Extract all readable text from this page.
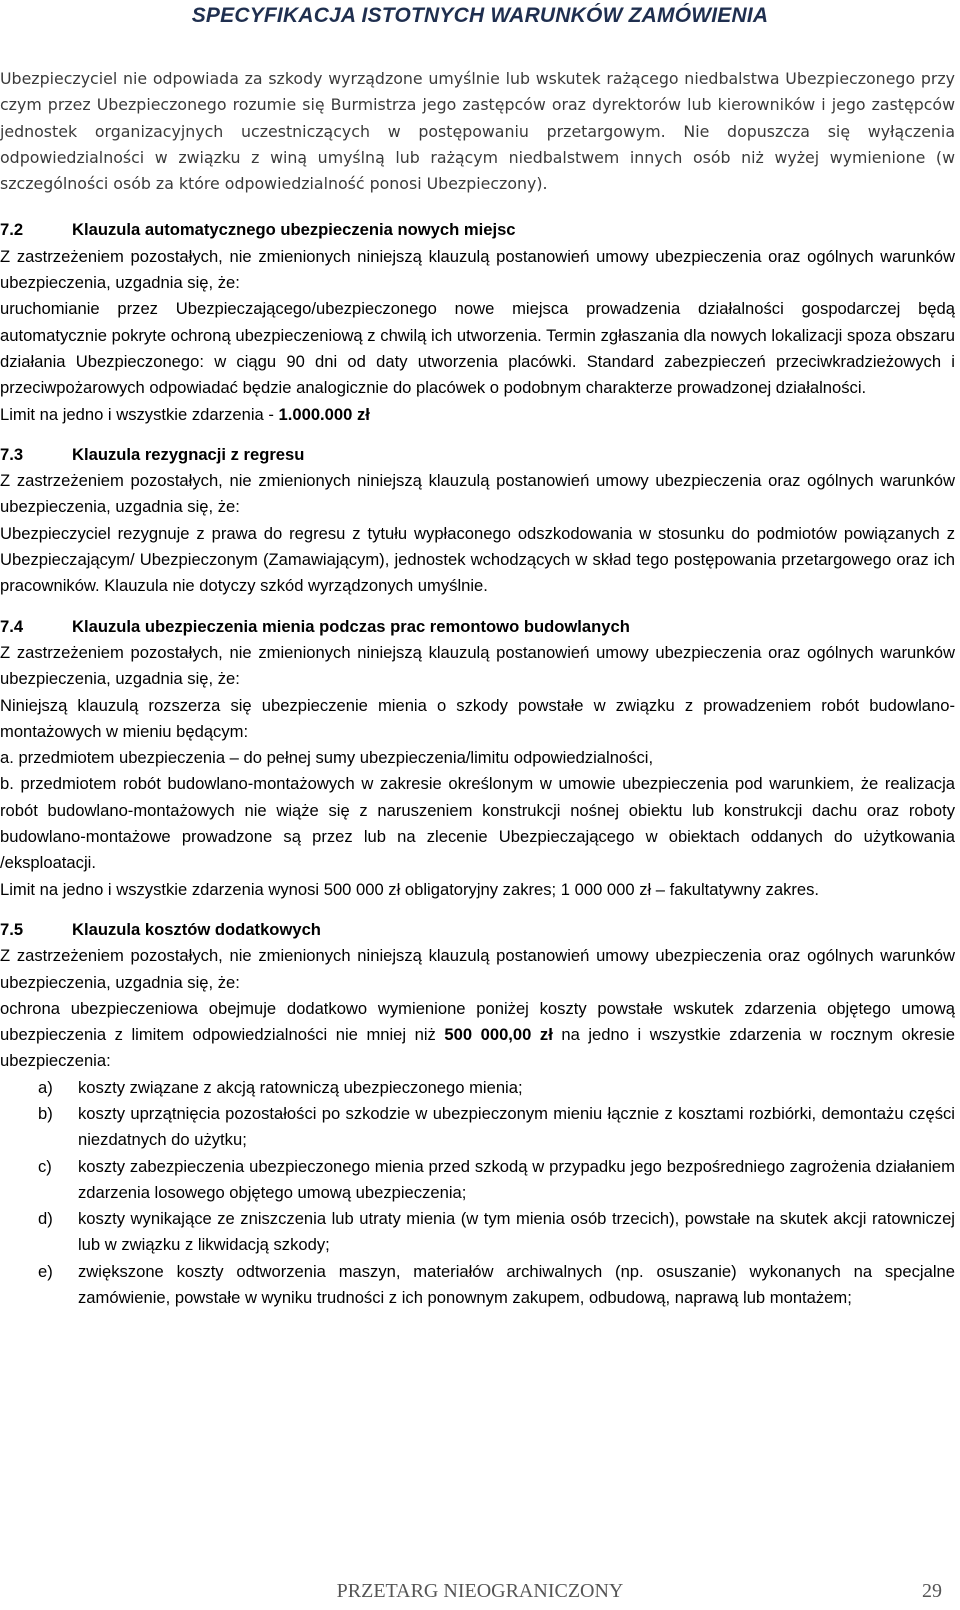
SPECYFIKACJA ISTOTNYCH WARUNKÓW ZAMÓWIENIA

Ubezpieczyciel nie odpowiada za szkody wyrządzone umyślnie lub wskutek rażącego niedbalstwa Ubezpieczonego przy czym przez Ubezpieczonego rozumie się Burmistrza jego zastępców oraz dyrektorów lub kierowników i jego zastępców jednostek organizacyjnych uczestniczących w postępowaniu przetargowym. Nie dopuszcza się wyłączenia odpowiedzialności w związku z winą umyślną lub rażącym niedbalstwem innych osób niż wyżej wymienione (w szczególności osób za które odpowiedzialność ponosi Ubezpieczony).

7.2	Klauzula automatycznego ubezpieczenia nowych miejsc

Z zastrzeżeniem pozostałych, nie zmienionych niniejszą klauzulą postanowień umowy ubezpieczenia oraz ogólnych warunków ubezpieczenia, uzgadnia się, że:

uruchomianie przez Ubezpieczającego/ubezpieczonego nowe miejsca prowadzenia działalności gospodarczej będą automatycznie pokryte ochroną ubezpieczeniową z chwilą ich utworzenia. Termin zgłaszania dla nowych lokalizacji spoza obszaru działania Ubezpieczonego: w ciągu 90 dni od daty utworzenia placówki. Standard zabezpieczeń przeciwkradzieżowych i przeciwpożarowych odpowiadać będzie analogicznie do placówek o podobnym charakterze prowadzonej działalności.

Limit na jedno i wszystkie zdarzenia - 1.000.000 zł

7.3	Klauzula rezygnacji z regresu

Z zastrzeżeniem pozostałych, nie zmienionych niniejszą klauzulą postanowień umowy ubezpieczenia oraz ogólnych warunków ubezpieczenia, uzgadnia się, że:

Ubezpieczyciel rezygnuje z prawa do regresu z tytułu wypłaconego odszkodowania w stosunku do podmiotów powiązanych z Ubezpieczającym/ Ubezpieczonym (Zamawiającym), jednostek wchodzących w skład tego postępowania przetargowego oraz ich pracowników. Klauzula nie dotyczy szkód wyrządzonych umyślnie.

7.4	Klauzula ubezpieczenia mienia podczas prac remontowo budowlanych

Z zastrzeżeniem pozostałych, nie zmienionych niniejszą klauzulą postanowień umowy ubezpieczenia oraz ogólnych warunków ubezpieczenia, uzgadnia się, że:

Niniejszą klauzulą rozszerza się ubezpieczenie mienia o szkody powstałe w związku z prowadzeniem robót budowlano-montażowych w mieniu będącym:

a. przedmiotem ubezpieczenia – do pełnej sumy ubezpieczenia/limitu odpowiedzialności,

b. przedmiotem robót budowlano-montażowych w zakresie określonym w umowie ubezpieczenia pod warunkiem, że realizacja robót budowlano-montażowych nie wiąże się z naruszeniem konstrukcji nośnej obiektu lub konstrukcji dachu oraz roboty budowlano-montażowe prowadzone są przez lub na zlecenie Ubezpieczającego w obiektach oddanych do użytkowania /eksploatacji.

Limit na jedno i wszystkie zdarzenia wynosi 500 000 zł obligatoryjny zakres; 1 000 000 zł – fakultatywny zakres.

7.5	Klauzula kosztów dodatkowych

Z zastrzeżeniem pozostałych, nie zmienionych niniejszą klauzulą postanowień umowy ubezpieczenia oraz ogólnych warunków ubezpieczenia, uzgadnia się, że:

ochrona ubezpieczeniowa obejmuje dodatkowo wymienione poniżej koszty powstałe wskutek zdarzenia objętego umową ubezpieczenia z limitem odpowiedzialności nie mniej niż 500 000,00 zł na jedno i wszystkie zdarzenia w rocznym okresie ubezpieczenia:

a) koszty związane z akcją ratowniczą ubezpieczonego mienia;
b) koszty uprzątnięcia pozostałości po szkodzie w ubezpieczonym mieniu łącznie z kosztami rozbiórki, demontażu części niezdatnych do użytku;
c) koszty zabezpieczenia ubezpieczonego mienia przed szkodą w przypadku jego bezpośredniego zagrożenia działaniem zdarzenia losowego objętego umową ubezpieczenia;
d) koszty wynikające ze zniszczenia lub utraty mienia (w tym mienia osób trzecich), powstałe na skutek akcji ratowniczej lub w związku z likwidacją szkody;
e) zwiększone koszty odtworzenia maszyn, materiałów archiwalnych (np. osuszanie) wykonanych na specjalne zamówienie, powstałe w wyniku trudności z ich ponownym zakupem, odbudową, naprawą lub montażem;
PRZETARG NIEOGRANICZONY	29
